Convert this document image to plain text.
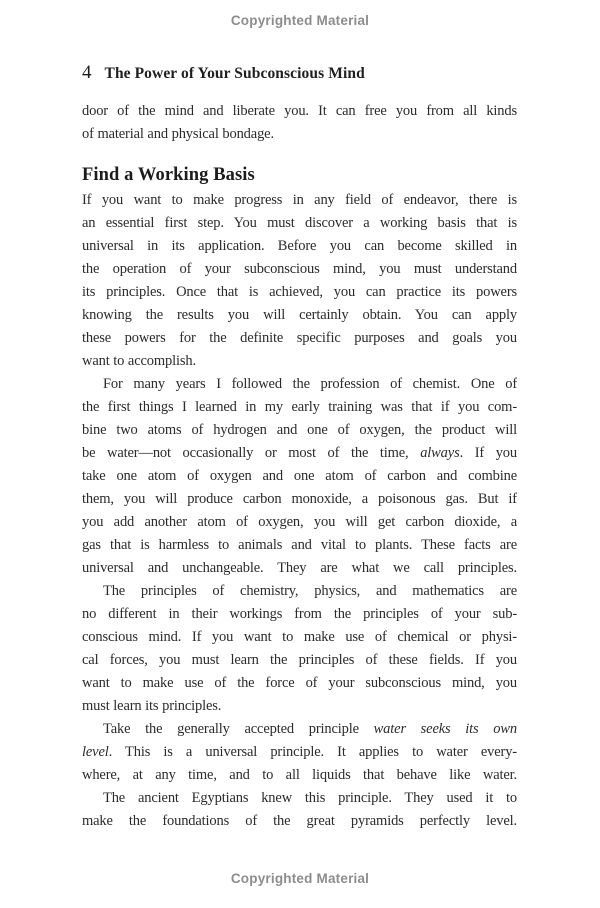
Copyrighted Material
4 The Power of Your Subconscious Mind
door of the mind and liberate you. It can free you from all kinds
of material and physical bondage.
Find a Working Basis
If you want to make progress in any field of endeavor, there is
an essential first step. You must discover a working basis that is
universal in its application. Before you can become skilled in
the operation of your subconscious mind, you must understand
its principles. Once that is achieved, you can practice its powers
knowing the results you will certainly obtain. You can apply
these powers for the definite specific purposes and goals you
want to accomplish.
For many years I followed the profession of chemist. One of
the first things I learned in my early training was that if you com-
bine two atoms of hydrogen and one of oxygen, the product will
be water—not occasionally or most of the time, always. If you
take one atom of oxygen and one atom of carbon and combine
them, you will produce carbon monoxide, a poisonous gas. But if
you add another atom of oxygen, you will get carbon dioxide, a
gas that is harmless to animals and vital to plants. These facts are
universal and unchangeable. They are what we call principles.
The principles of chemistry, physics, and mathematics are
no different in their workings from the principles of your sub-
conscious mind. If you want to make use of chemical or physi-
cal forces, you must learn the principles of these fields. If you
want to make use of the force of your subconscious mind, you
must learn its principles.
Take the generally accepted principle water seeks its own
level. This is a universal principle. It applies to water every-
where, at any time, and to all liquids that behave like water.
The ancient Egyptians knew this principle. They used it to
make the foundations of the great pyramids perfectly level.
Copyrighted Material
